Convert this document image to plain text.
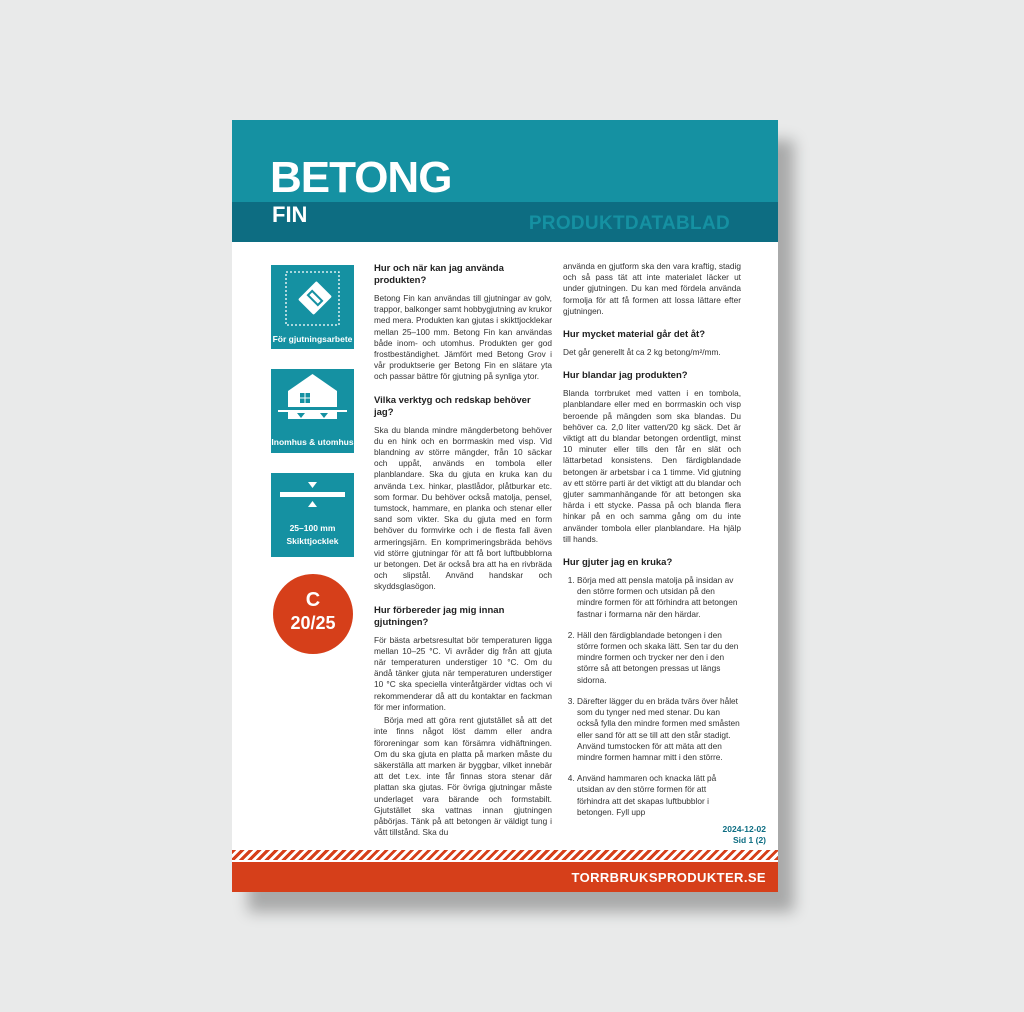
BETONG
FIN	PRODUKTDATABLAD
För gjutningsarbete
Inomhus & utomhus
25–100 mm
Skikttjocklek
C
20/25
Hur och när kan jag använda produkten?

Betong Fin kan användas till gjutningar av golv, trappor, balkonger samt hobbygjutning av krukor med mera. Produkten kan gjutas i skikttjocklekar mellan 25–100 mm. Betong Fin kan användas både inom- och utomhus. Produkten ger god frostbeständighet. Jämfört med Betong Grov i vår produktserie ger Betong Fin en slätare yta och passar bättre för gjutning på synliga ytor.

Vilka verktyg och redskap behöver jag?

Ska du blanda mindre mängderbetong behöver du en hink och en borrmaskin med visp. Vid blandning av större mängder, från 10 säckar och uppåt, används en tombola eller planblandare. Ska du gjuta en kruka kan du använda t.ex. hinkar, plastlådor, plåtburkar etc. som formar. Du behöver också matolja, pensel, tumstock, hammare, en planka och stenar eller sand som vikter. Ska du gjuta med en form behöver du formvirke och i de flesta fall även armeringsjärn. En komprimeringsbräda behövs vid större gjutningar för att få bort luftbubblorna ur betongen. Det är också bra att ha en rivbräda och slipstål. Använd handskar och skyddsglasögon.

Hur förbereder jag mig innan gjutningen?

För bästa arbetsresultat bör temperaturen ligga mellan 10–25 °C. Vi avråder dig från att gjuta när temperaturen understiger 10 °C. Om du ändå tänker gjuta när temperaturen understiger 10 °C ska speciella vinteråtgärder vidtas och vi rekommenderar då att du kontaktar en fackman för mer information.

Börja med att göra rent gjutstället så att det inte finns något löst damm eller andra föroreningar som kan försämra vidhäftningen. Om du ska gjuta en platta på marken måste du säkerställa att marken är byggbar, vilket innebär att det t.ex. inte får finnas stora stenar där plattan ska gjutas. För övriga gjutningar måste underlaget vara bärande och formstabilt. Gjutstället ska vattnas innan gjutningen påbörjas. Tänk på att betongen är väldigt tung i vått tillstånd. Ska du

använda en gjutform ska den vara kraftig, stadig och så pass tät att inte materialet läcker ut under gjutningen. Du kan med fördela använda formolja för att få formen att lossa lättare efter gjutningen.

Hur mycket material går det åt?

Det går generellt åt ca 2 kg betong/m²/mm.

Hur blandar jag produkten?

Blanda torrbruket med vatten i en tombola, planblandare eller med en borrmaskin och visp beroende på mängden som ska blandas. Du behöver ca. 2,0 liter vatten/20 kg säck. Det är viktigt att du blandar betongen ordentligt, minst 10 minuter eller tills den får en slät och lättarbetad konsistens. Den färdigblandade betongen är arbetsbar i ca 1 timme. Vid gjutning av ett större parti är det viktigt att du blandar och gjuter sammanhängande för att betongen ska härda i ett stycke. Passa på och blanda flera hinkar på en och samma gång om du inte använder tombola eller planblandare. Ha hjälp till hands.

Hur gjuter jag en kruka?
1. Börja med att pensla matolja på insidan av den större formen och utsidan på den mindre formen för att förhindra att betongen fastnar i formarna när den härdar.
2. Häll den färdigblandade betongen i den större formen och skaka lätt. Sen tar du den mindre formen och trycker ner den i den större så att betongen pressas ut längs sidorna.
3. Därefter lägger du en bräda tvärs över hålet som du tynger ned med stenar. Du kan också fylla den mindre formen med småsten eller sand för att se till att den står stadigt. Använd tumstocken för att mäta att den mindre formen hamnar mitt i den större.
4. Använd hammaren och knacka lätt på utsidan av den större formen för att förhindra att det skapas luftbubblor i betongen. Fyll upp
2024-12-02
Sid 1 (2)
TORRBRUKSPRODUKTER.SE
